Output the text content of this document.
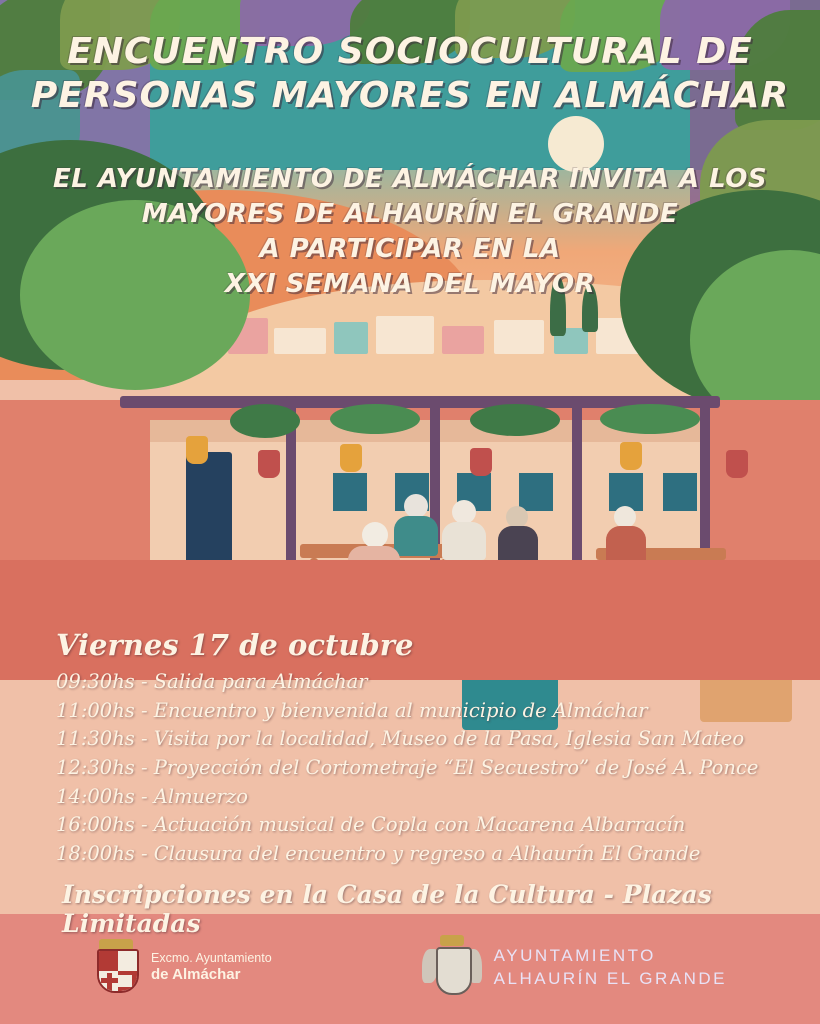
ENCUENTRO SOCIOCULTURAL DE
PERSONAS MAYORES EN ALMÁCHAR
EL AYUNTAMIENTO DE ALMÁCHAR INVITA A LOS
MAYORES DE ALHAURÍN EL GRANDE
A PARTICIPAR EN LA
XXI SEMANA DEL MAYOR
Viernes 17 de octubre
09:30hs - Salida para Almáchar
11:00hs - Encuentro y bienvenida al municipio de Almáchar
11:30hs - Visita por la localidad, Museo de la Pasa, Iglesia San Mateo
12:30hs - Proyección del Cortometraje “El Secuestro” de José A. Ponce
14:00hs - Almuerzo
16:00hs - Actuación musical de Copla con Macarena Albarracín
18:00hs - Clausura del encuentro y regreso a Alhaurín El Grande
Inscripciones en la Casa de la Cultura - Plazas Limitadas
Excmo. Ayuntamiento
de Almáchar
AYUNTAMIENTO
ALHAURÍN EL GRANDE
